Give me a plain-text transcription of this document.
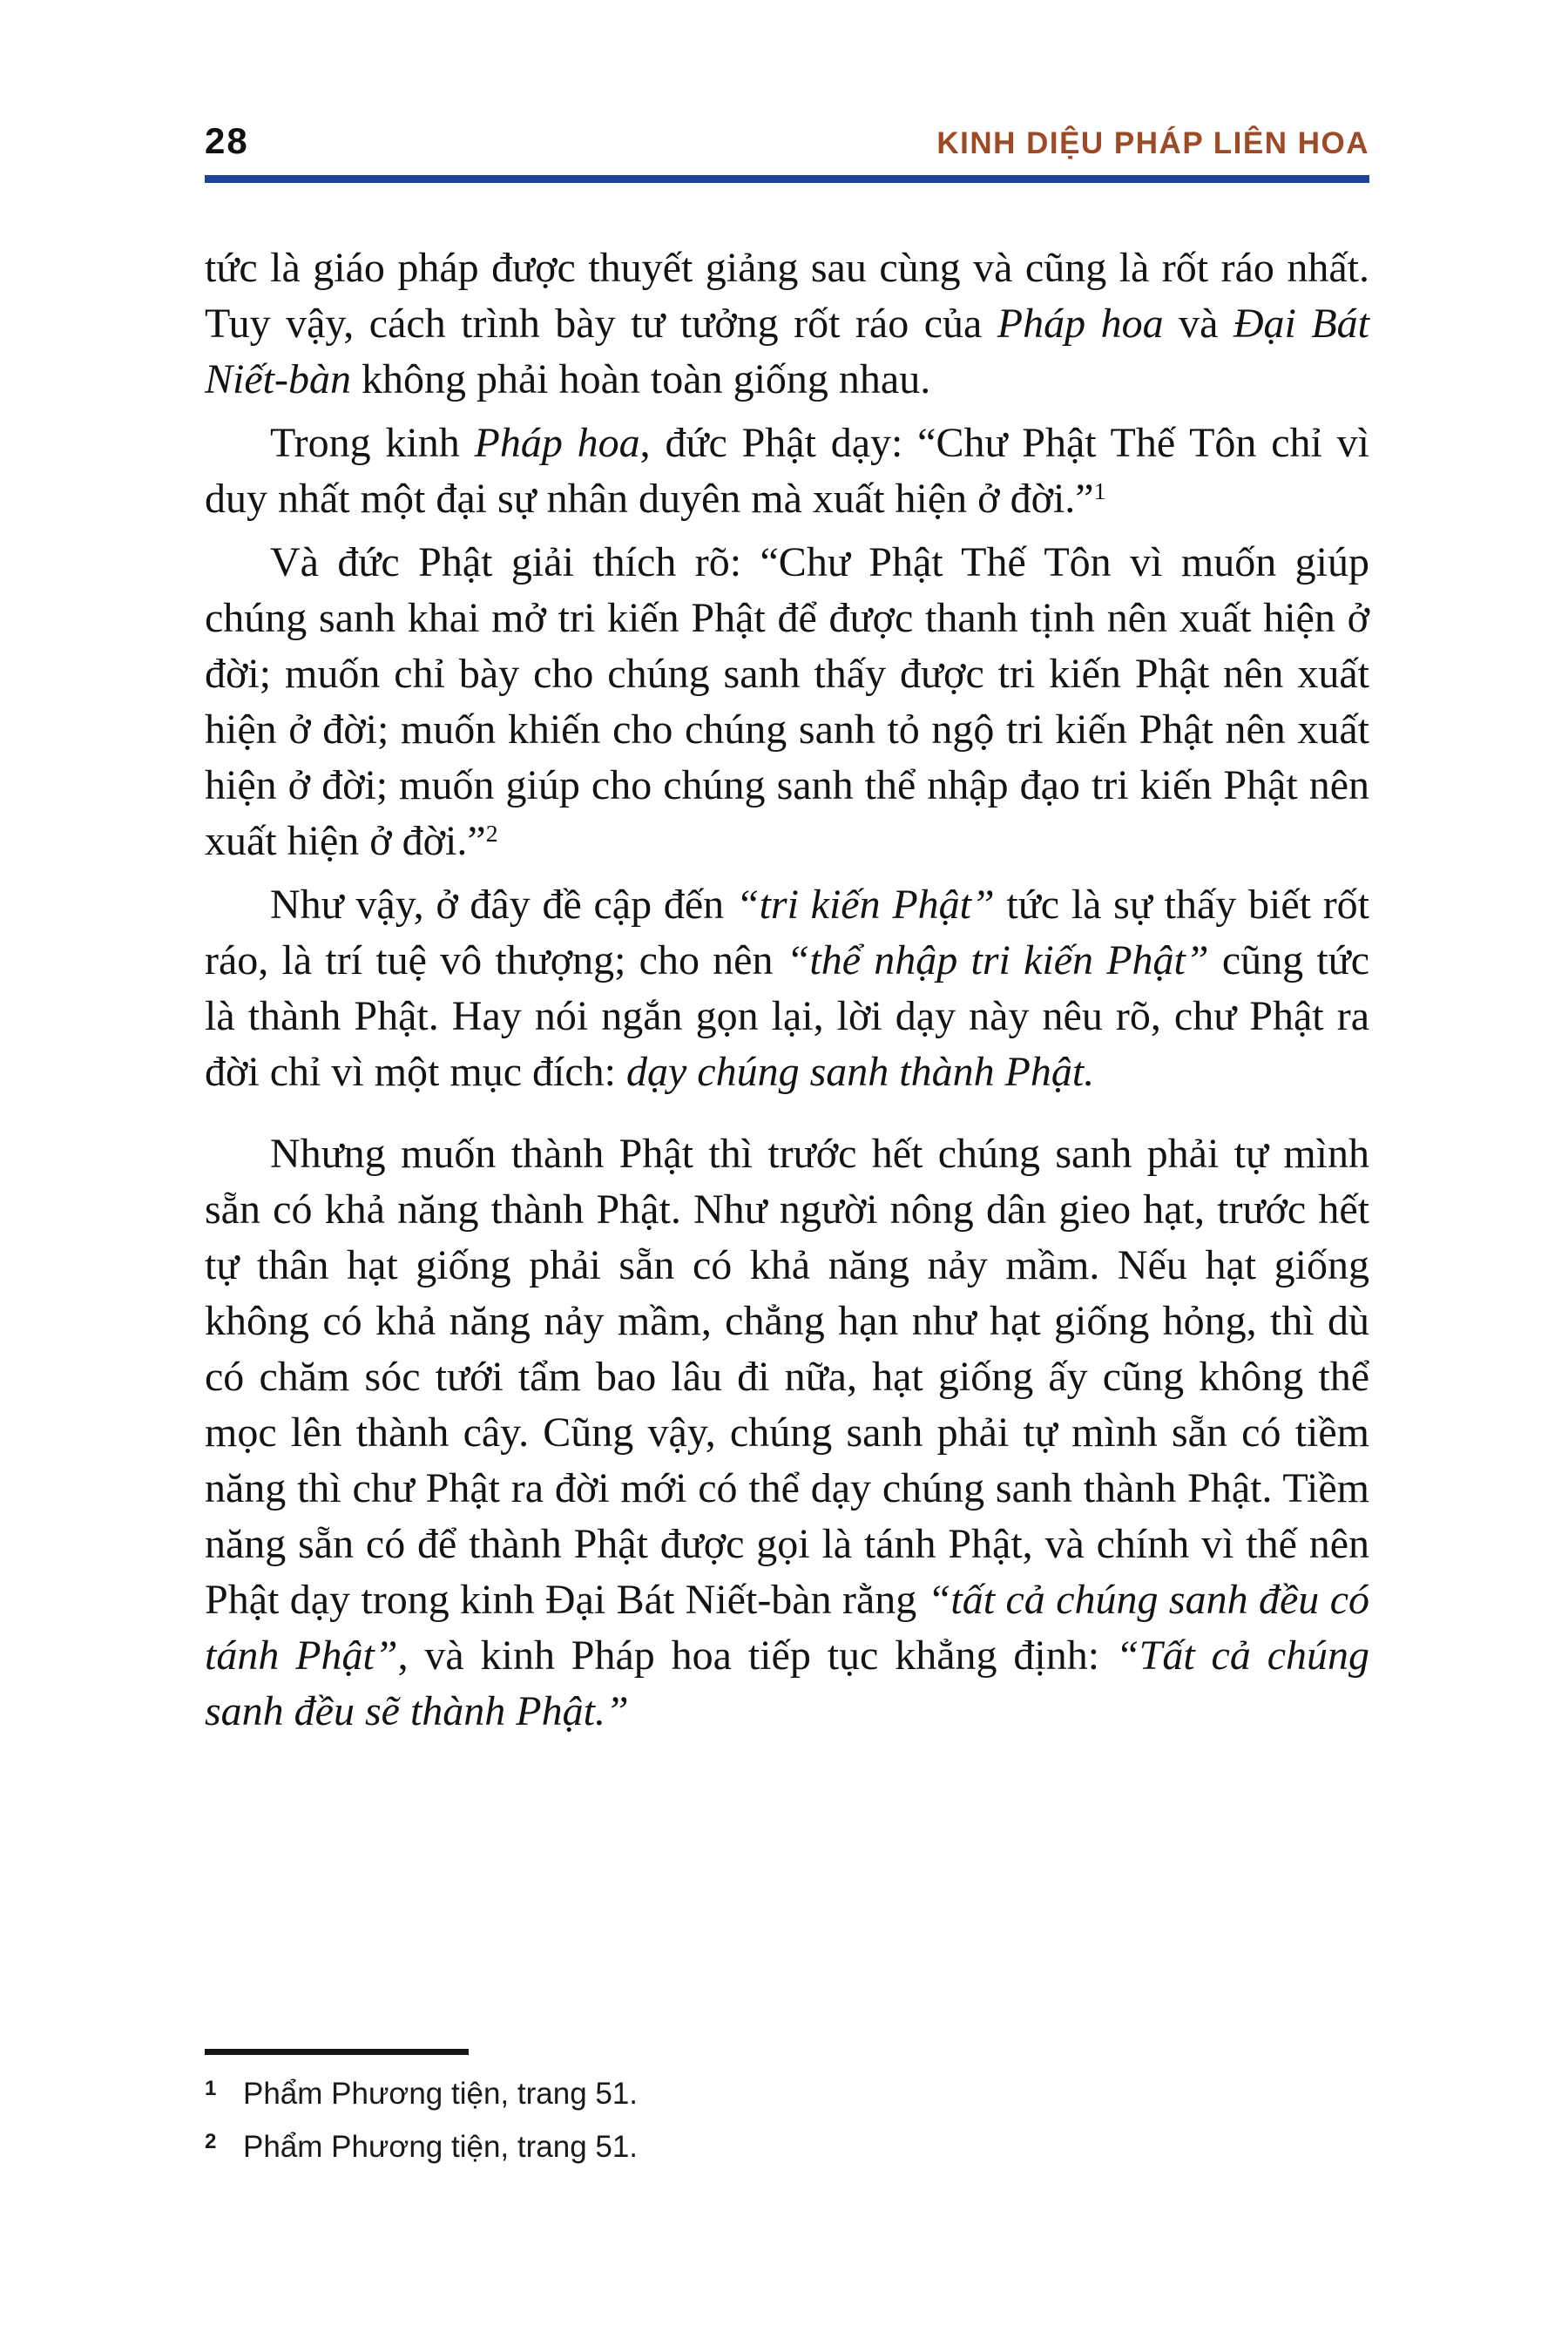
28	KINH DIỆU PHÁP LIÊN HOA

tức là giáo pháp được thuyết giảng sau cùng và cũng là rốt ráo nhất. Tuy vậy, cách trình bày tư tưởng rốt ráo của Pháp hoa và Đại Bát Niết-bàn không phải hoàn toàn giống nhau.

Trong kinh Pháp hoa, đức Phật dạy: “Chư Phật Thế Tôn chỉ vì duy nhất một đại sự nhân duyên mà xuất hiện ở đời.”$^1$

Và đức Phật giải thích rõ: “Chư Phật Thế Tôn vì muốn giúp chúng sanh khai mở tri kiến Phật để được thanh tịnh nên xuất hiện ở đời; muốn chỉ bày cho chúng sanh thấy được tri kiến Phật nên xuất hiện ở đời; muốn khiến cho chúng sanh tỏ ngộ tri kiến Phật nên xuất hiện ở đời; muốn giúp cho chúng sanh thể nhập đạo tri kiến Phật nên xuất hiện ở đời.”$^2$

Như vậy, ở đây đề cập đến “tri kiến Phật” tức là sự thấy biết rốt ráo, là trí tuệ vô thượng; cho nên “thể nhập tri kiến Phật” cũng tức là thành Phật. Hay nói ngắn gọn lại, lời dạy này nêu rõ, chư Phật ra đời chỉ vì một mục đích: dạy chúng sanh thành Phật.

Nhưng muốn thành Phật thì trước hết chúng sanh phải tự mình sẵn có khả năng thành Phật. Như người nông dân gieo hạt, trước hết tự thân hạt giống phải sẵn có khả năng nảy mầm. Nếu hạt giống không có khả năng nảy mầm, chẳng hạn như hạt giống hỏng, thì dù có chăm sóc tưới tẩm bao lâu đi nữa, hạt giống ấy cũng không thể mọc lên thành cây. Cũng vậy, chúng sanh phải tự mình sẵn có tiềm năng thì chư Phật ra đời mới có thể dạy chúng sanh thành Phật. Tiềm năng sẵn có để thành Phật được gọi là tánh Phật, và chính vì thế nên Phật dạy trong kinh Đại Bát Niết-bàn rằng “tất cả chúng sanh đều có tánh Phật”, và kinh Pháp hoa tiếp tục khẳng định: “Tất cả chúng sanh đều sẽ thành Phật.”

1 Phẩm Phương tiện, trang 51.
2 Phẩm Phương tiện, trang 51.
